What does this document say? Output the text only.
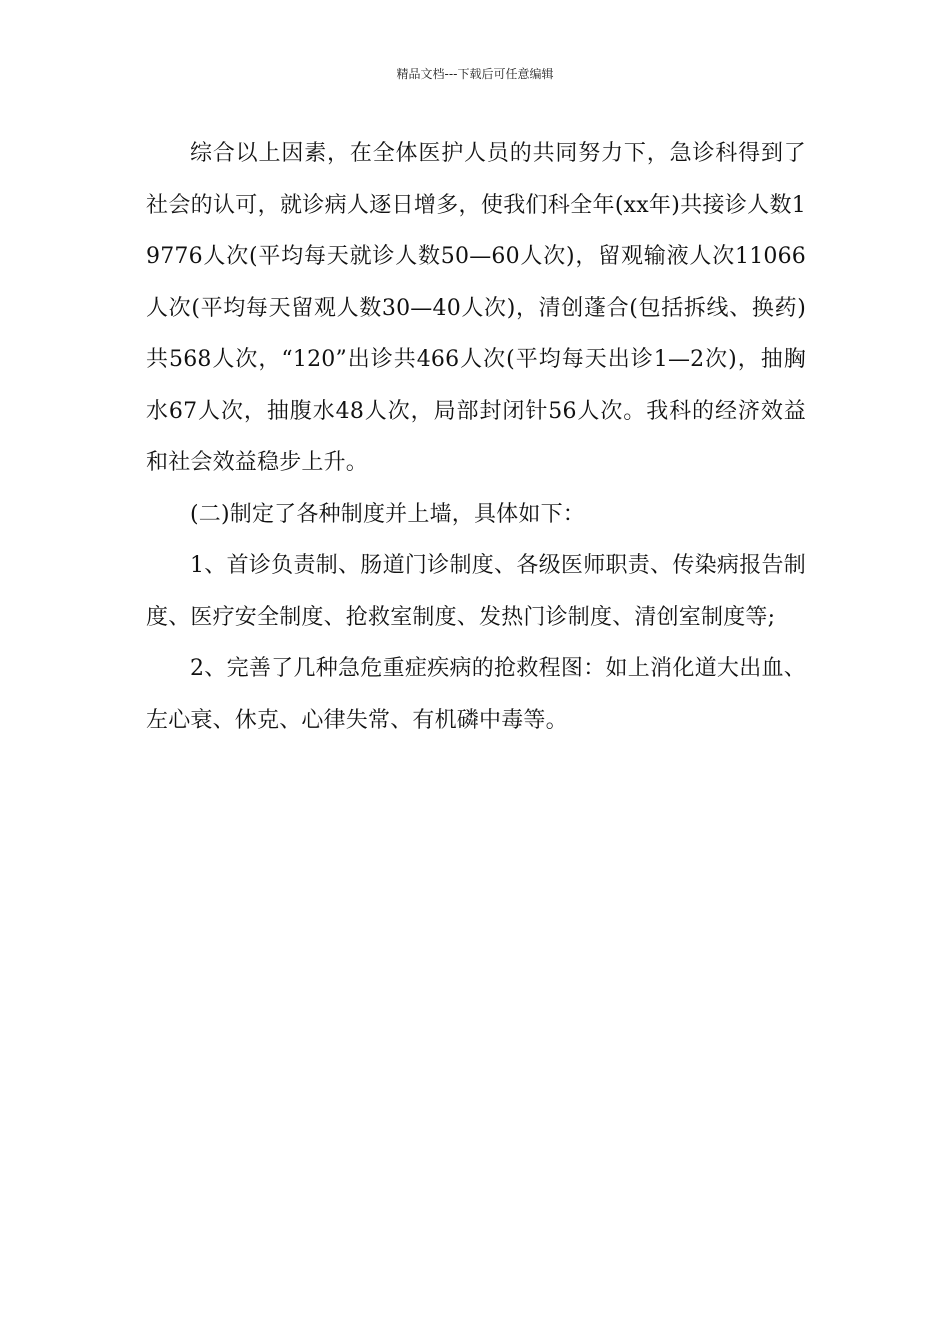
精品文档---下载后可任意编辑

综合以上因素，在全体医护人员的共同努力下，急诊科得到了社会的认可，就诊病人逐日增多，使我们科全年(xx年)共接诊人数19776人次(平均每天就诊人数50—60人次)，留观输液人次11066人次(平均每天留观人数30—40人次)，清创蓬合(包括拆线、换药)共568人次，“120”出诊共466人次(平均每天出诊1—2次)，抽胸水67人次，抽腹水48人次，局部封闭针56人次。我科的经济效益和社会效益稳步上升。

(二)制定了各种制度并上墙，具体如下：

1、首诊负责制、肠道门诊制度、各级医师职责、传染病报告制度、医疗安全制度、抢救室制度、发热门诊制度、清创室制度等;

2、完善了几种急危重症疾病的抢救程图：如上消化道大出血、左心衰、休克、心律失常、有机磷中毒等。
